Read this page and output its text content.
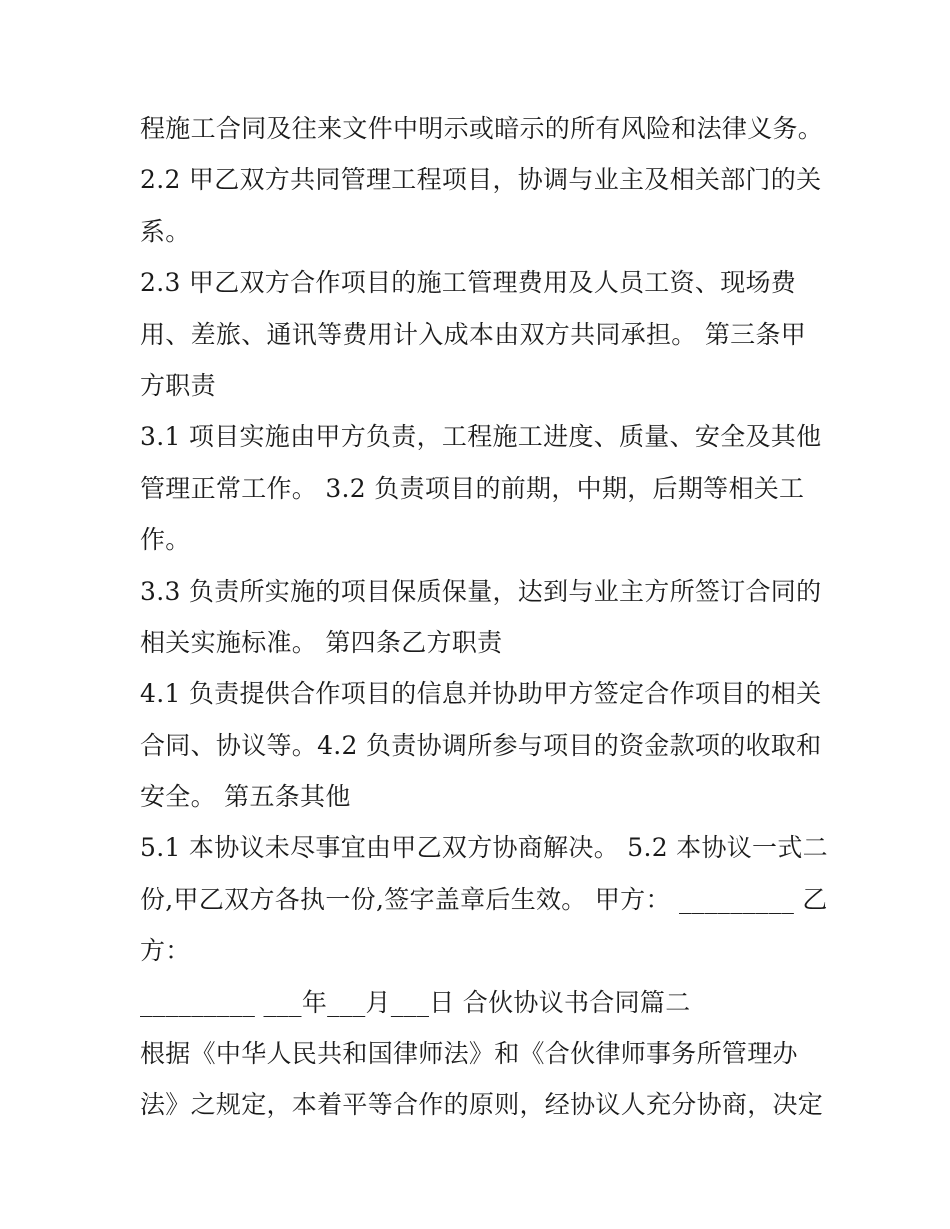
程施工合同及往来文件中明示或暗示的所有风险和法律义务。
2.2 甲乙双方共同管理工程项目，协调与业主及相关部门的关
系。
2.3 甲乙双方合作项目的施工管理费用及人员工资、现场费
用、差旅、通讯等费用计入成本由双方共同承担。 第三条甲
方职责
3.1 项目实施由甲方负责，工程施工进度、质量、安全及其他
管理正常工作。 3.2 负责项目的前期，中期，后期等相关工
作。
3.3 负责所实施的项目保质保量，达到与业主方所签订合同的
相关实施标准。 第四条乙方职责
4.1 负责提供合作项目的信息并协助甲方签定合作项目的相关
合同、协议等。4.2 负责协调所参与项目的资金款项的收取和
安全。 第五条其他
5.1 本协议未尽事宜由甲乙双方协商解决。 5.2 本协议一式二
份,甲乙双方各执一份,签字盖章后生效。 甲方： _________ 乙
方：
_________ ___年___月___日 合伙协议书合同篇二
根据《中华人民共和国律师法》和《合伙律师事务所管理办
法》之规定，本着平等合作的原则，经协议人充分协商，决定
